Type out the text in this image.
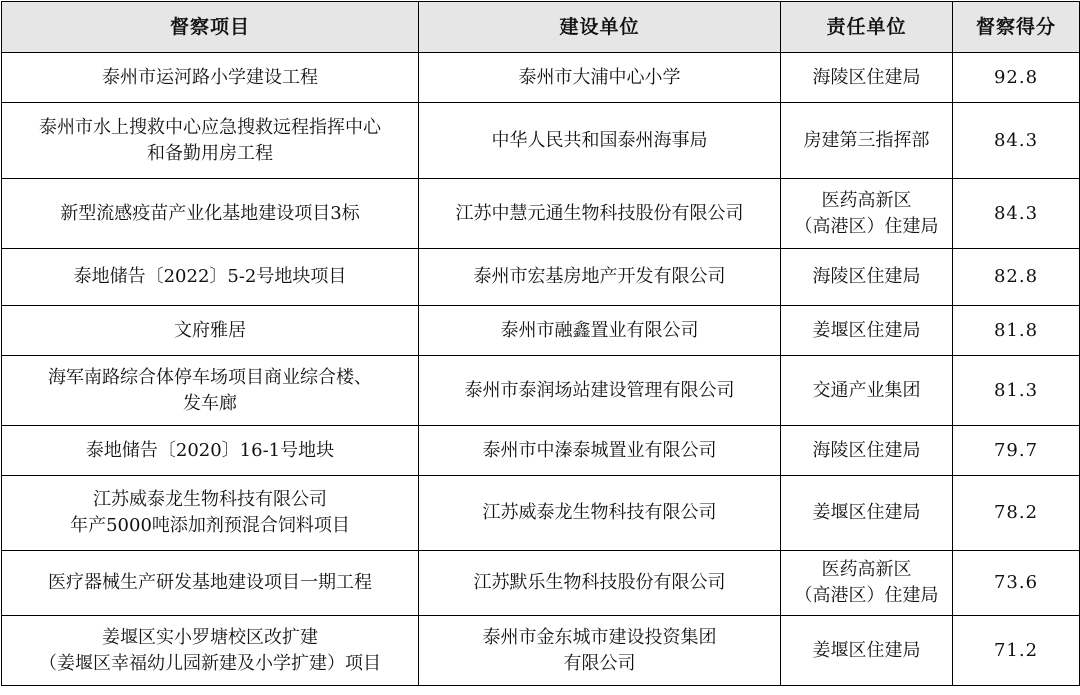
督察项目	建设单位	责任单位	督察得分

泰州市运河路小学建设工程	泰州市大浦中心小学	海陵区住建局	92.8

泰州市水上搜救中心应急搜救远程指挥中心
和备勤用房工程	中华人民共和国泰州海事局	房建第三指挥部	84.3

新型流感疫苗产业化基地建设项目3标	江苏中慧元通生物科技股份有限公司	医药高新区
（高港区）住建局	84.3

泰地储告〔2022〕5-2号地块项目	泰州市宏基房地产开发有限公司	海陵区住建局	82.8

文府雅居	泰州市融鑫置业有限公司	姜堰区住建局	81.8

海军南路综合体停车场项目商业综合楼、
发车廊	泰州市泰润场站建设管理有限公司	交通产业集团	81.3

泰地储告〔2020〕16-1号地块	泰州市中溱泰城置业有限公司	海陵区住建局	79.7

江苏威泰龙生物科技有限公司
年产5000吨添加剂预混合饲料项目	江苏威泰龙生物科技有限公司	姜堰区住建局	78.2

医疗器械生产研发基地建设项目一期工程	江苏默乐生物科技股份有限公司	医药高新区
（高港区）住建局	73.6

姜堰区实小罗塘校区改扩建
（姜堰区幸福幼儿园新建及小学扩建）项目	泰州市金东城市建设投资集团
有限公司	姜堰区住建局	71.2
